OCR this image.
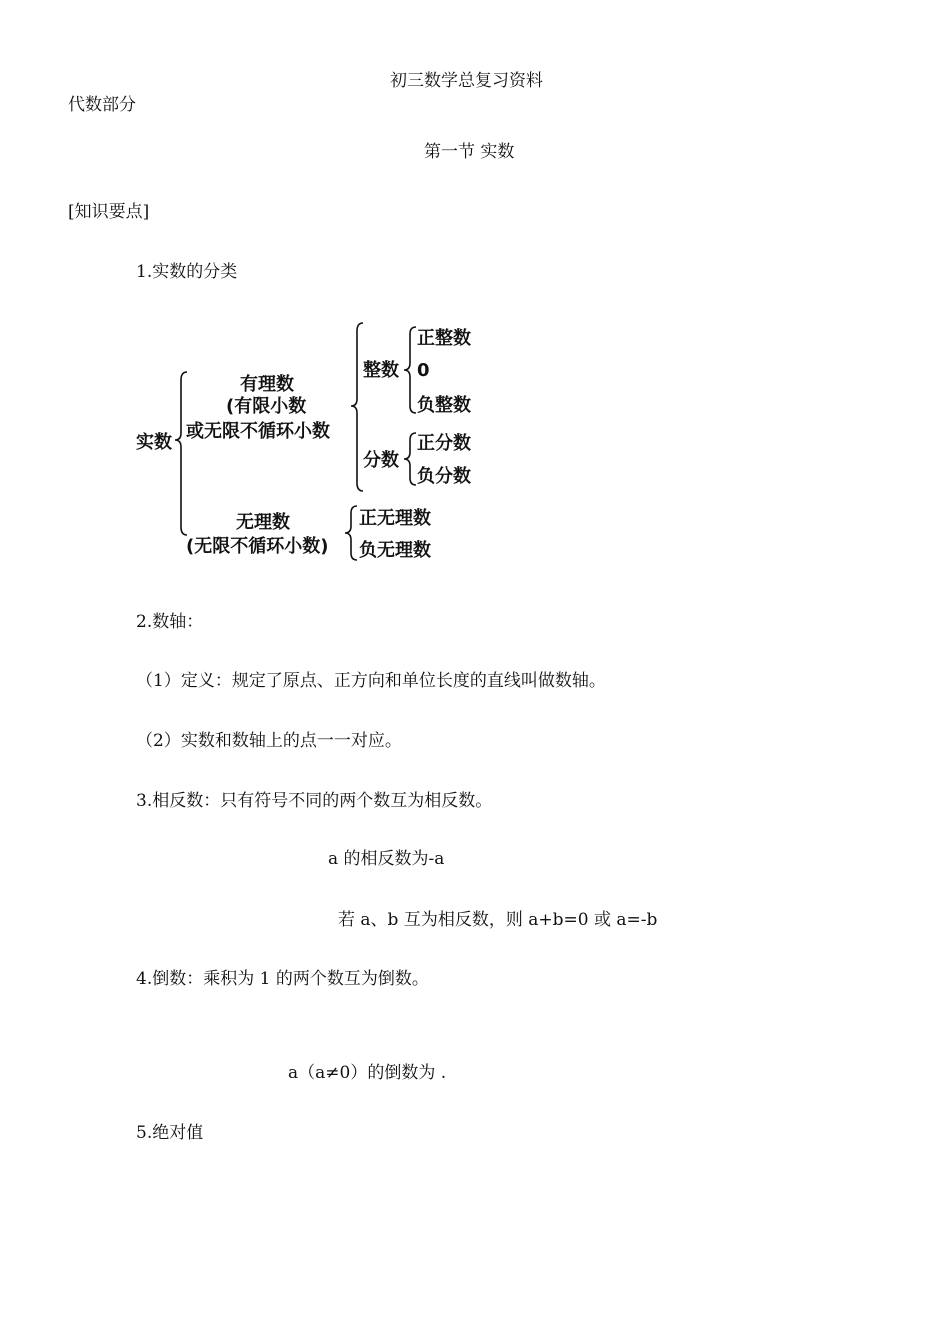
初三数学总复习资料
代数部分
第一节 实数
[知识要点]
1.实数的分类
实数
有理数
(有限小数
或无限不循环小数
整数
正整数
0
负整数
分数
正分数
负分数
无理数
(无限不循环小数)
正无理数
负无理数
2.数轴：
（1）定义：规定了原点、正方向和单位长度的直线叫做数轴。
（2）实数和数轴上的点一一对应。
3.相反数：只有符号不同的两个数互为相反数。
a 的相反数为-a
若 a、b 互为相反数，则 a+b=0 或 a=-b
4.倒数：乘积为 1 的两个数互为倒数。
a（a≠0）的倒数为 .
5.绝对值
